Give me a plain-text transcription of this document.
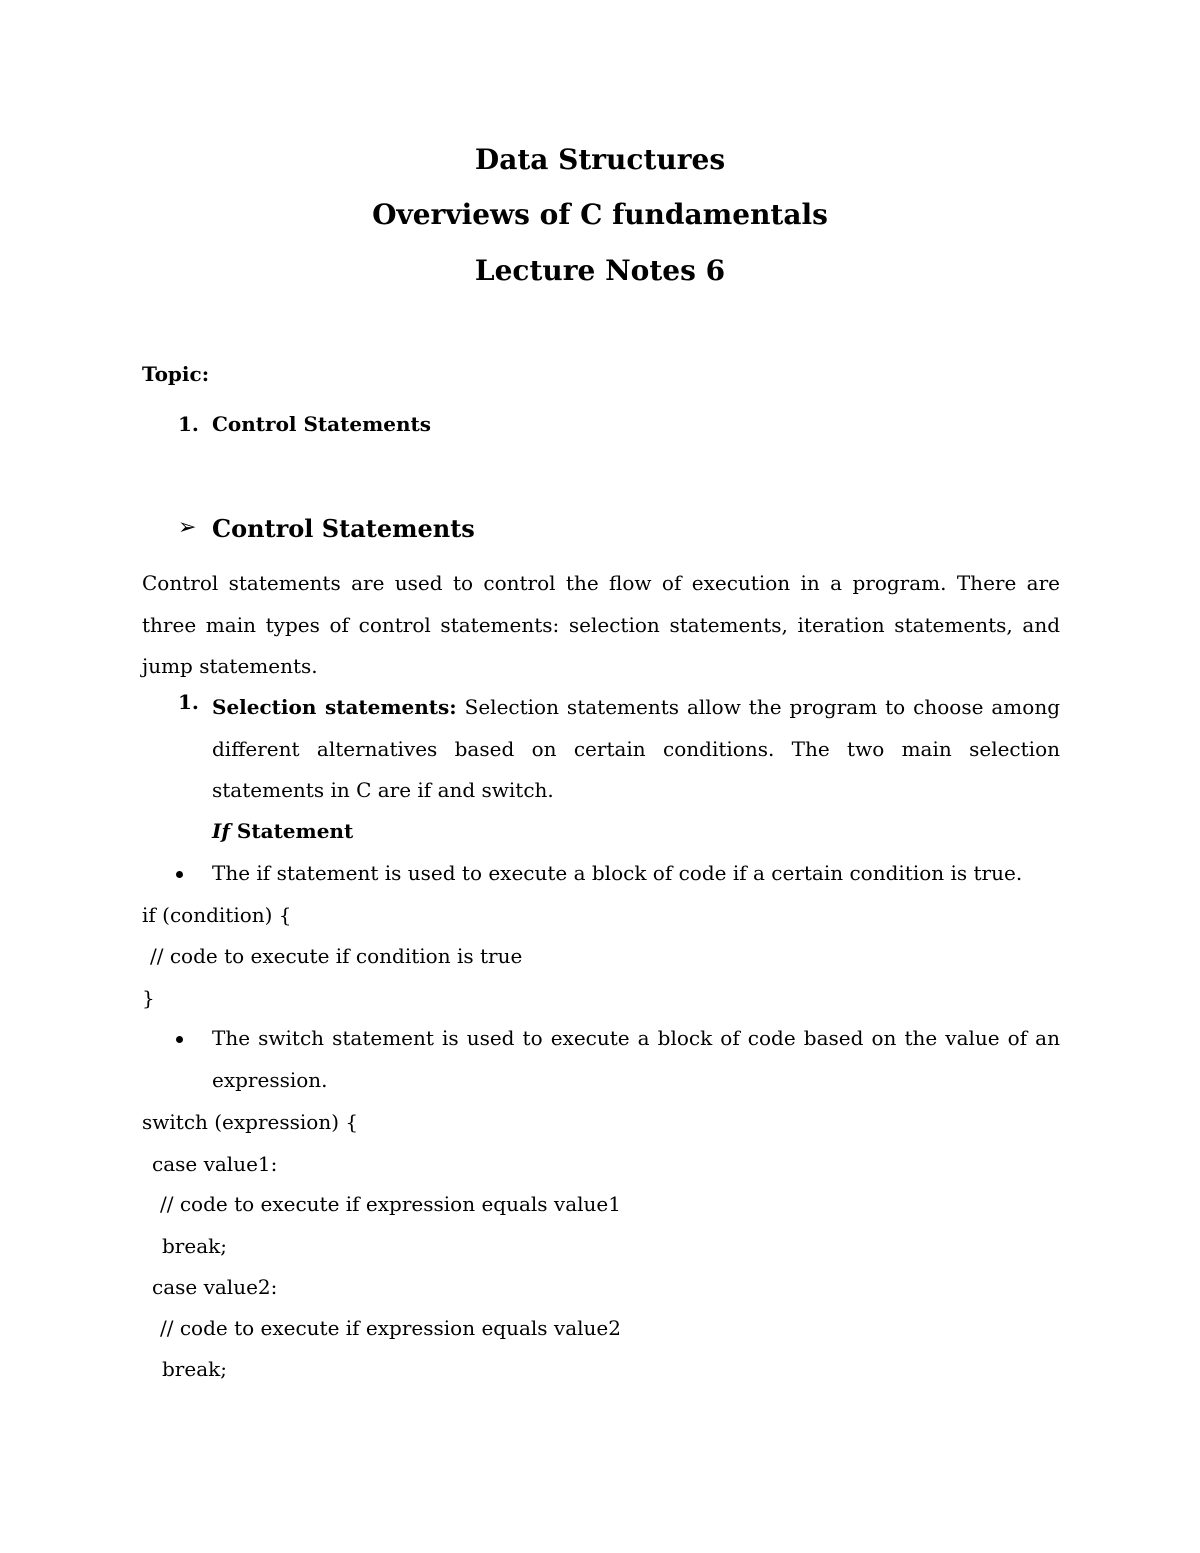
Data Structures
Overviews of C fundamentals
Lecture Notes 6
Topic:
1. Control Statements
➢ Control Statements
Control statements are used to control the flow of execution in a program. There are three main types of control statements: selection statements, iteration statements, and jump statements.
1. Selection statements: Selection statements allow the program to choose among different alternatives based on certain conditions. The two main selection statements in C are if and switch.
If Statement
The if statement is used to execute a block of code if a certain condition is true.
if (condition) {
// code to execute if condition is true
}
The switch statement is used to execute a block of code based on the value of an expression.
switch (expression) {
case value1:
// code to execute if expression equals value1
break;
case value2:
// code to execute if expression equals value2
break;
